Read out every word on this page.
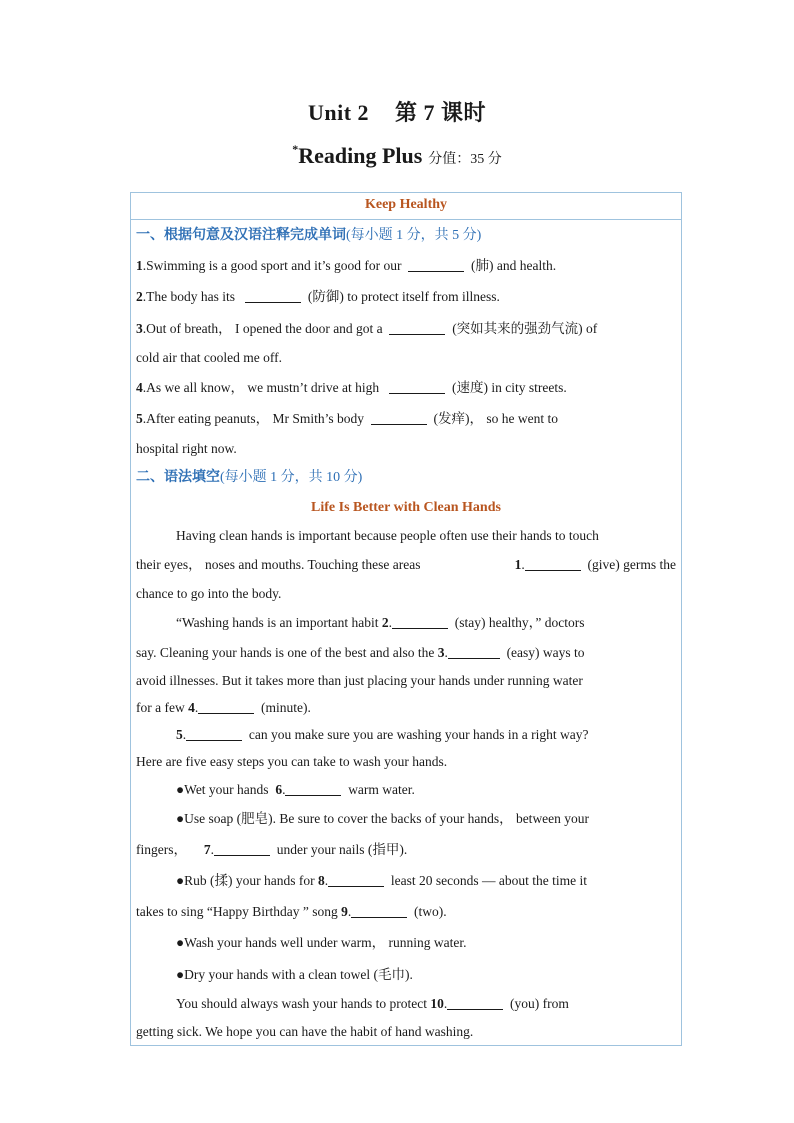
Unit 2 第 7 课时
*Reading Plus 分值：35 分
Keep Healthy
一、根据句意及汉语注释完成单词(每小题 1 分，共 5 分)
1.Swimming is a good sport and it’s good for our	(肺) and health.
2.The body has its	(防御) to protect itself from illness.
3.Out of breath， I opened the door and got a	(突如其来的强劲气流) of
cold air that cooled me off.
4.As we all know， we mustn’t drive at high	(速度) in city streets.
5.After eating peanuts， Mr Smith’s body	(发痒)， so he went to
hospital right now.
二、语法填空(每小题 1 分，共 10 分)
Life Is Better with Clean Hands
Having clean hands is important because people often use their hands to touch
their eyes， noses and mouths. Touching these areas	1.	(give) germs the
chance to go into the body.
“Washing hands is an important habit 2.	(stay) healthy，” doctors
say. Cleaning your hands is one of the best and also the 3.	(easy) ways to
avoid illnesses. But it takes more than just placing your hands under running water
for a few 4.	(minute).
5.	can you make sure you are washing your hands in a right way?
Here are five easy steps you can take to wash your hands.
●Wet your hands 6.	warm water.
●Use soap (肥皂). Be sure to cover the backs of your hands， between your
fingers， 7.	under your nails (指甲).
●Rub (揉) your hands for 8.	least 20 seconds — about the time it
takes to sing “Happy Birthday ” song 9.	(two).
●Wash your hands well under warm， running water.
●Dry your hands with a clean towel (毛巾).
You should always wash your hands to protect 10.	(you) from
getting sick. We hope you can have the habit of hand washing.
